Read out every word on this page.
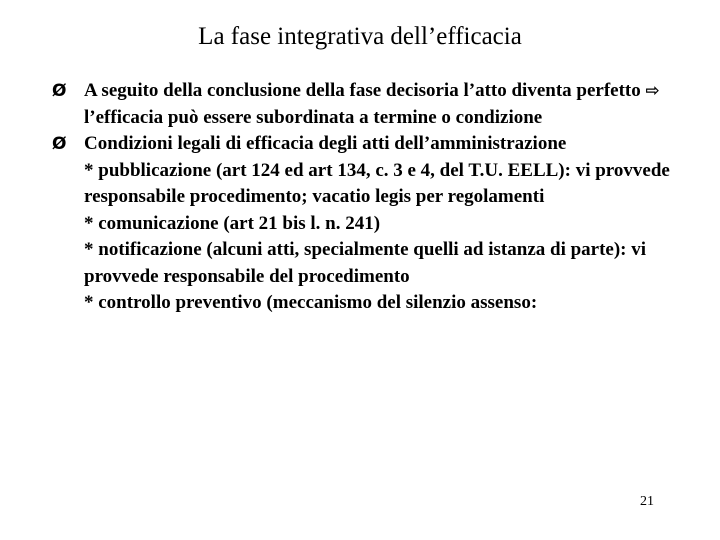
La fase integrativa dell’efficacia
Ø A seguito della conclusione della fase decisoria l’atto diventa perfetto ⇨ l’efficacia può essere subordinata a termine o condizione
Ø Condizioni legali di efficacia degli atti dell’amministrazione
* pubblicazione (art 124 ed art 134, c. 3 e 4, del T.U. EELL): vi provvede responsabile procedimento; vacatio legis per regolamenti
* comunicazione (art 21 bis l. n. 241)
* notificazione (alcuni atti, specialmente quelli ad istanza di parte): vi provvede responsabile del procedimento
* controllo preventivo (meccanismo del silenzio assenso:
21
